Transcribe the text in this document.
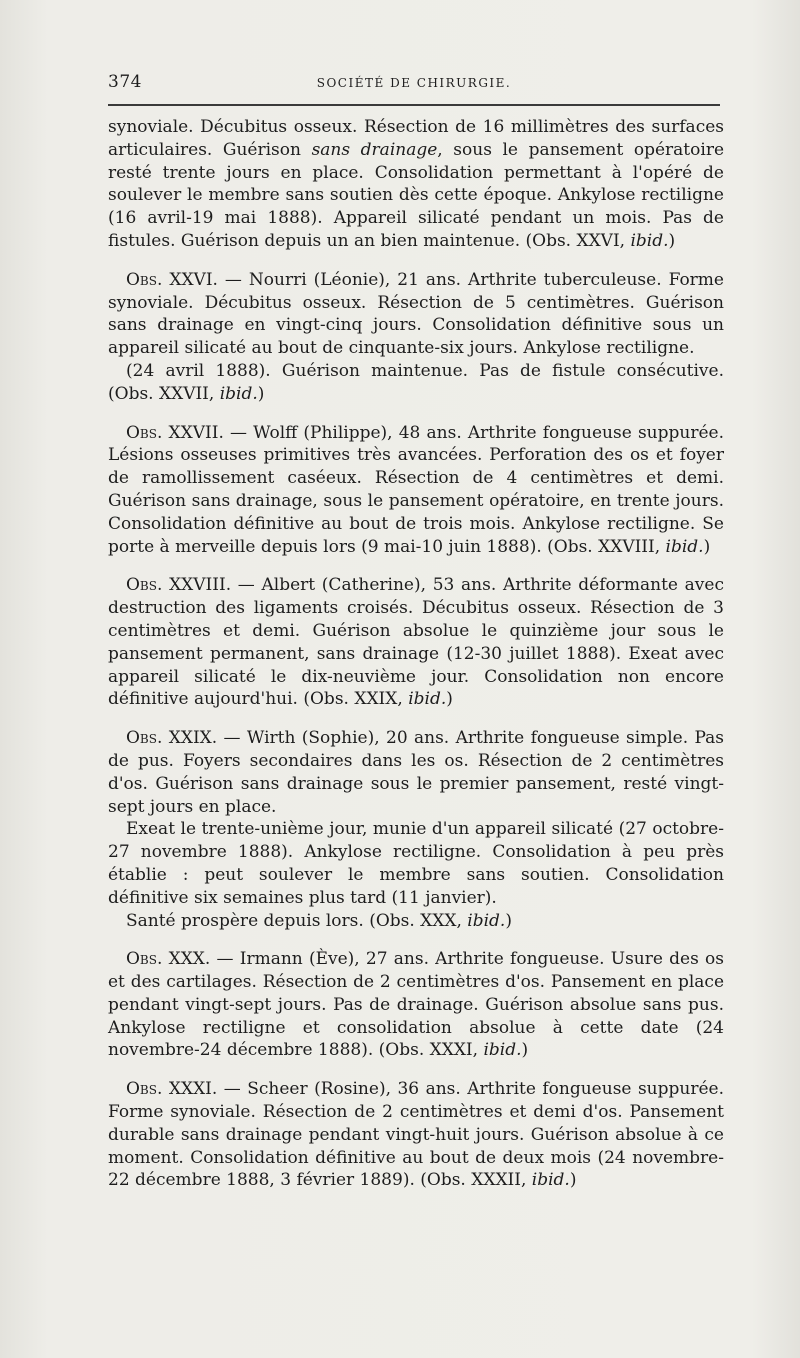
374	SOCIÉTÉ DE CHIRURGIE.

synoviale. Décubitus osseux. Résection de 16 millimètres des surfaces articulaires. Guérison sans drainage, sous le pansement opératoire resté trente jours en place. Consolidation permettant à l'opéré de soulever le membre sans soutien dès cette époque. Ankylose rectiligne (16 avril-19 mai 1888). Appareil silicaté pendant un mois. Pas de fistules. Guérison depuis un an bien maintenue. (Obs. XXVI, ibid.)

Obs. XXVI. — Nourri (Léonie), 21 ans. Arthrite tuberculeuse. Forme synoviale. Décubitus osseux. Résection de 5 centimètres. Guérison sans drainage en vingt-cinq jours. Consolidation définitive sous un appareil silicaté au bout de cinquante-six jours. Ankylose rectiligne.

(24 avril 1888). Guérison maintenue. Pas de fistule consécutive. (Obs. XXVII, ibid.)

Obs. XXVII. — Wolff (Philippe), 48 ans. Arthrite fongueuse suppurée. Lésions osseuses primitives très avancées. Perforation des os et foyer de ramollissement caséeux. Résection de 4 centimètres et demi. Guérison sans drainage, sous le pansement opératoire, en trente jours. Consolidation définitive au bout de trois mois. Ankylose rectiligne. Se porte à merveille depuis lors (9 mai-10 juin 1888). (Obs. XXVIII, ibid.)

Obs. XXVIII. — Albert (Catherine), 53 ans. Arthrite déformante avec destruction des ligaments croisés. Décubitus osseux. Résection de 3 centimètres et demi. Guérison absolue le quinzième jour sous le pansement permanent, sans drainage (12-30 juillet 1888). Exeat avec appareil silicaté le dix-neuvième jour. Consolidation non encore définitive aujourd'hui. (Obs. XXIX, ibid.)

Obs. XXIX. — Wirth (Sophie), 20 ans. Arthrite fongueuse simple. Pas de pus. Foyers secondaires dans les os. Résection de 2 centimètres d'os. Guérison sans drainage sous le premier pansement, resté vingt-sept jours en place.

Exeat le trente-unième jour, munie d'un appareil silicaté (27 octobre-27 novembre 1888). Ankylose rectiligne. Consolidation à peu près établie : peut soulever le membre sans soutien. Consolidation définitive six semaines plus tard (11 janvier).

Santé prospère depuis lors. (Obs. XXX, ibid.)

Obs. XXX. — Irmann (Ève), 27 ans. Arthrite fongueuse. Usure des os et des cartilages. Résection de 2 centimètres d'os. Pansement en place pendant vingt-sept jours. Pas de drainage. Guérison absolue sans pus. Ankylose rectiligne et consolidation absolue à cette date (24 novembre-24 décembre 1888). (Obs. XXXI, ibid.)

Obs. XXXI. — Scheer (Rosine), 36 ans. Arthrite fongueuse suppurée. Forme synoviale. Résection de 2 centimètres et demi d'os. Pansement durable sans drainage pendant vingt-huit jours. Guérison absolue à ce moment. Consolidation définitive au bout de deux mois (24 novembre-22 décembre 1888, 3 février 1889). (Obs. XXXII, ibid.)
